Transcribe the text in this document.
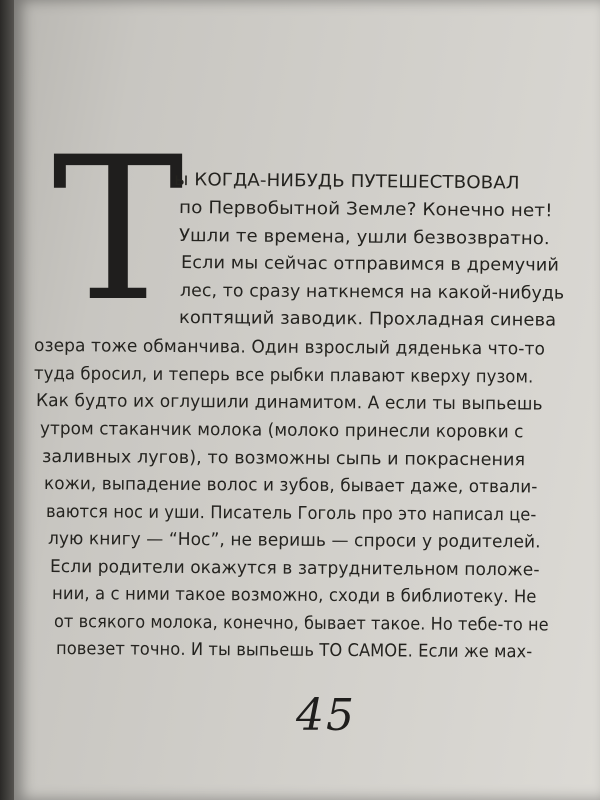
Т
ы КОГДА-НИБУДЬ ПУТЕШЕСТВОВАЛ
по Первобытной Земле? Конечно нет!
Ушли те времена, ушли безвозвратно.
Если мы сейчас отправимся в дремучий
лес, то сразу наткнемся на какой-нибудь
коптящий заводик. Прохладная синева
озера тоже обманчива. Один взрослый дяденька что-то
туда бросил, и теперь все рыбки плавают кверху пузом.
Как будто их оглушили динамитом. А если ты выпьешь
утром стаканчик молока (молоко принесли коровки с
заливных лугов), то возможны сыпь и покраснения
кожи, выпадение волос и зубов, бывает даже, отвали-
ваются нос и уши. Писатель Гоголь про это написал це-
лую книгу — “Нос”, не веришь — спроси у родителей.
Если родители окажутся в затруднительном положе-
нии, а с ними такое возможно, сходи в библиотеку. Не
от всякого молока, конечно, бывает такое. Но тебе-то не
повезет точно. И ты выпьешь ТО САМОЕ. Если же мах-
45
